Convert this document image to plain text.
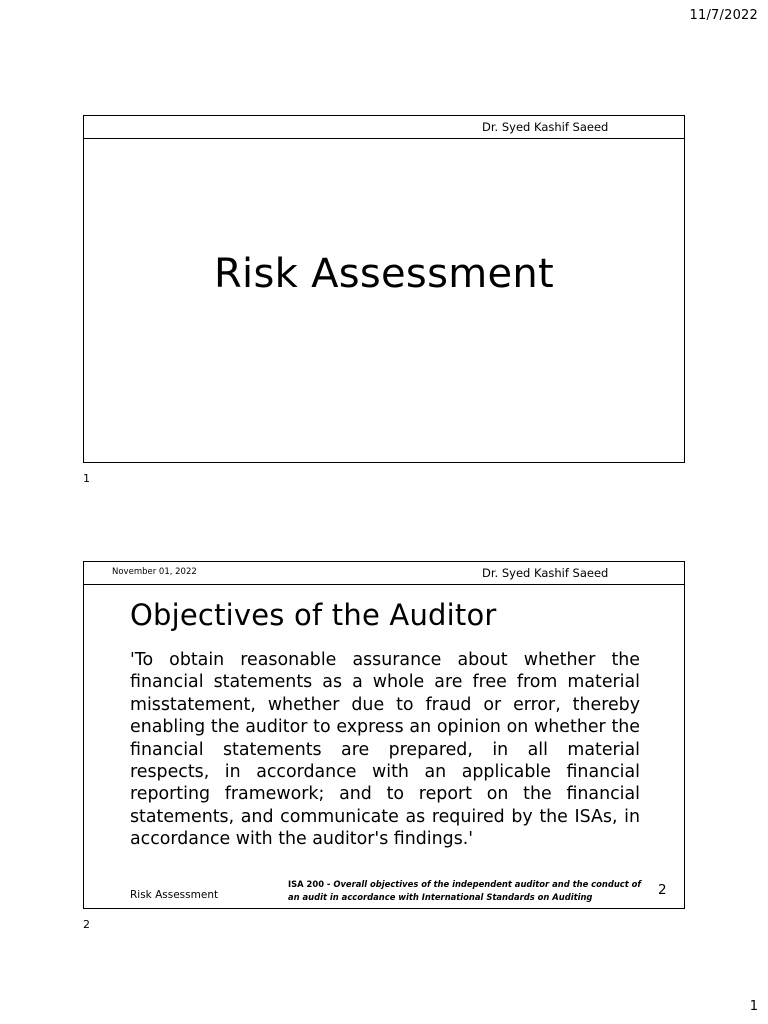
11/7/2022
Dr. Syed Kashif Saeed
Risk Assessment
1
November 01, 2022	Dr. Syed Kashif Saeed
Objectives of the Auditor
'To obtain reasonable assurance about whether the financial statements as a whole are free from material misstatement, whether due to fraud or error, thereby enabling the auditor to express an opinion on whether the financial statements are prepared, in all material respects, in accordance with an applicable financial reporting framework; and to report on the financial statements, and communicate as required by the ISAs, in accordance with the auditor's findings.'
Risk Assessment
ISA 200 - Overall objectives of the independent auditor and the conduct of an audit in accordance with International Standards on Auditing	2
2
1
